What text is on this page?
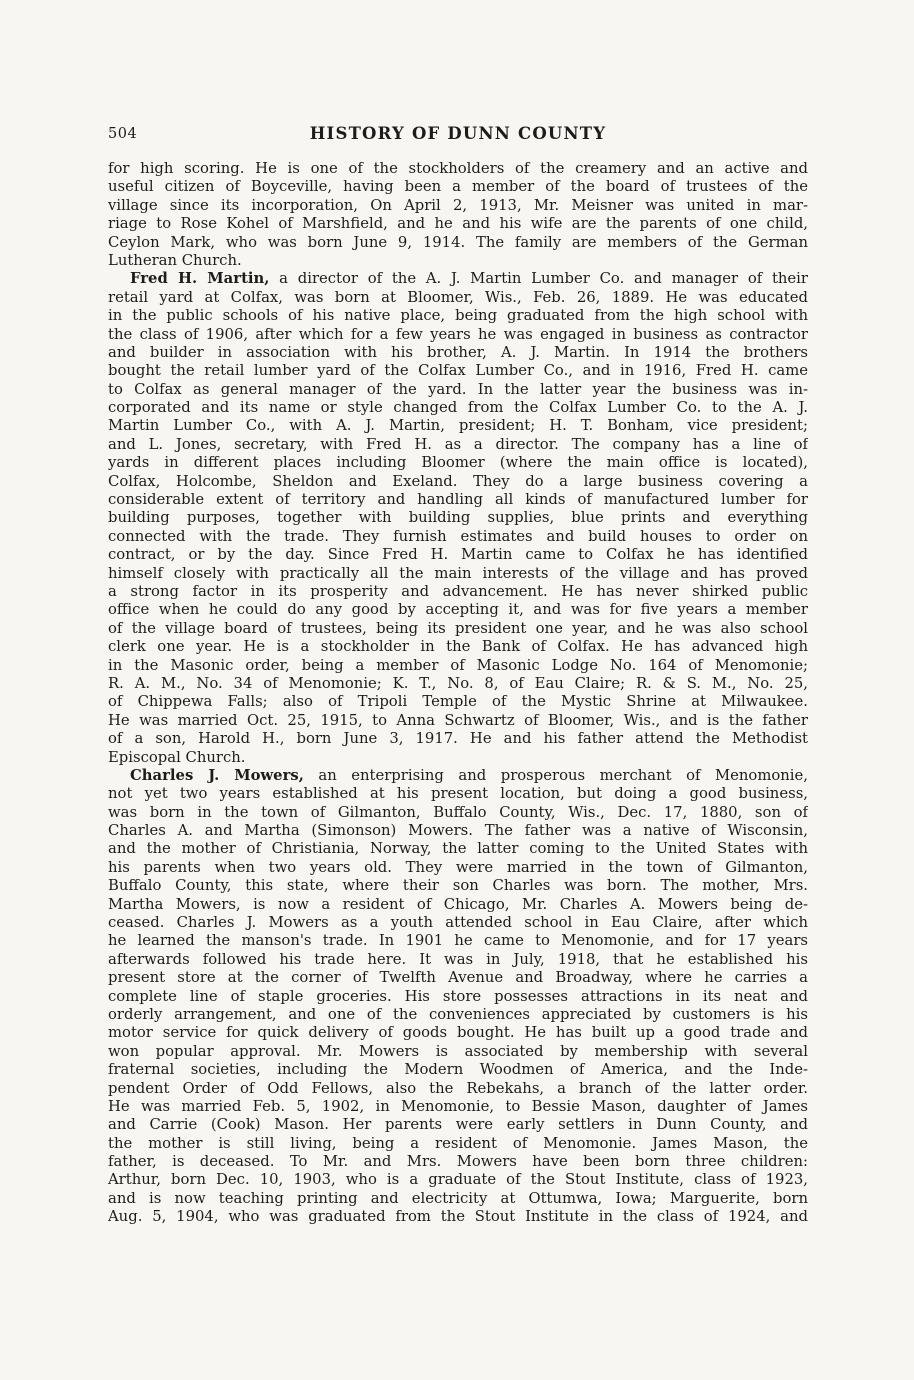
504	HISTORY OF DUNN COUNTY
for high scoring. He is one of the stockholders of the creamery and an active and
useful citizen of Boyceville, having been a member of the board of trustees of the
village since its incorporation, On April 2, 1913, Mr. Meisner was united in mar-
riage to Rose Kohel of Marshfield, and he and his wife are the parents of one child,
Ceylon Mark, who was born June 9, 1914. The family are members of the German
Lutheran Church.
Fred H. Martin, a director of the A. J. Martin Lumber Co. and manager of their
retail yard at Colfax, was born at Bloomer, Wis., Feb. 26, 1889. He was educated
in the public schools of his native place, being graduated from the high school with
the class of 1906, after which for a few years he was engaged in business as contractor
and builder in association with his brother, A. J. Martin. In 1914 the brothers
bought the retail lumber yard of the Colfax Lumber Co., and in 1916, Fred H. came
to Colfax as general manager of the yard. In the latter year the business was in-
corporated and its name or style changed from the Colfax Lumber Co. to the A. J.
Martin Lumber Co., with A. J. Martin, president; H. T. Bonham, vice president;
and L. Jones, secretary, with Fred H. as a director. The company has a line of
yards in different places including Bloomer (where the main office is located),
Colfax, Holcombe, Sheldon and Exeland. They do a large business covering a
considerable extent of territory and handling all kinds of manufactured lumber for
building purposes, together with building supplies, blue prints and everything
connected with the trade. They furnish estimates and build houses to order on
contract, or by the day. Since Fred H. Martin came to Colfax he has identified
himself closely with practically all the main interests of the village and has proved
a strong factor in its prosperity and advancement. He has never shirked public
office when he could do any good by accepting it, and was for five years a member
of the village board of trustees, being its president one year, and he was also school
clerk one year. He is a stockholder in the Bank of Colfax. He has advanced high
in the Masonic order, being a member of Masonic Lodge No. 164 of Menomonie;
R. A. M., No. 34 of Menomonie; K. T., No. 8, of Eau Claire; R. & S. M., No. 25,
of Chippewa Falls; also of Tripoli Temple of the Mystic Shrine at Milwaukee.
He was married Oct. 25, 1915, to Anna Schwartz of Bloomer, Wis., and is the father
of a son, Harold H., born June 3, 1917. He and his father attend the Methodist
Episcopal Church.
Charles J. Mowers, an enterprising and prosperous merchant of Menomonie,
not yet two years established at his present location, but doing a good business,
was born in the town of Gilmanton, Buffalo County, Wis., Dec. 17, 1880, son of
Charles A. and Martha (Simonson) Mowers. The father was a native of Wisconsin,
and the mother of Christiania, Norway, the latter coming to the United States with
his parents when two years old. They were married in the town of Gilmanton,
Buffalo County, this state, where their son Charles was born. The mother, Mrs.
Martha Mowers, is now a resident of Chicago, Mr. Charles A. Mowers being de-
ceased. Charles J. Mowers as a youth attended school in Eau Claire, after which
he learned the manson's trade. In 1901 he came to Menomonie, and for 17 years
afterwards followed his trade here. It was in July, 1918, that he established his
present store at the corner of Twelfth Avenue and Broadway, where he carries a
complete line of staple groceries. His store possesses attractions in its neat and
orderly arrangement, and one of the conveniences appreciated by customers is his
motor service for quick delivery of goods bought. He has built up a good trade and
won popular approval. Mr. Mowers is associated by membership with several
fraternal societies, including the Modern Woodmen of America, and the Inde-
pendent Order of Odd Fellows, also the Rebekahs, a branch of the latter order.
He was married Feb. 5, 1902, in Menomonie, to Bessie Mason, daughter of James
and Carrie (Cook) Mason. Her parents were early settlers in Dunn County, and
the mother is still living, being a resident of Menomonie. James Mason, the
father, is deceased. To Mr. and Mrs. Mowers have been born three children:
Arthur, born Dec. 10, 1903, who is a graduate of the Stout Institute, class of 1923,
and is now teaching printing and electricity at Ottumwa, Iowa; Marguerite, born
Aug. 5, 1904, who was graduated from the Stout Institute in the class of 1924, and
